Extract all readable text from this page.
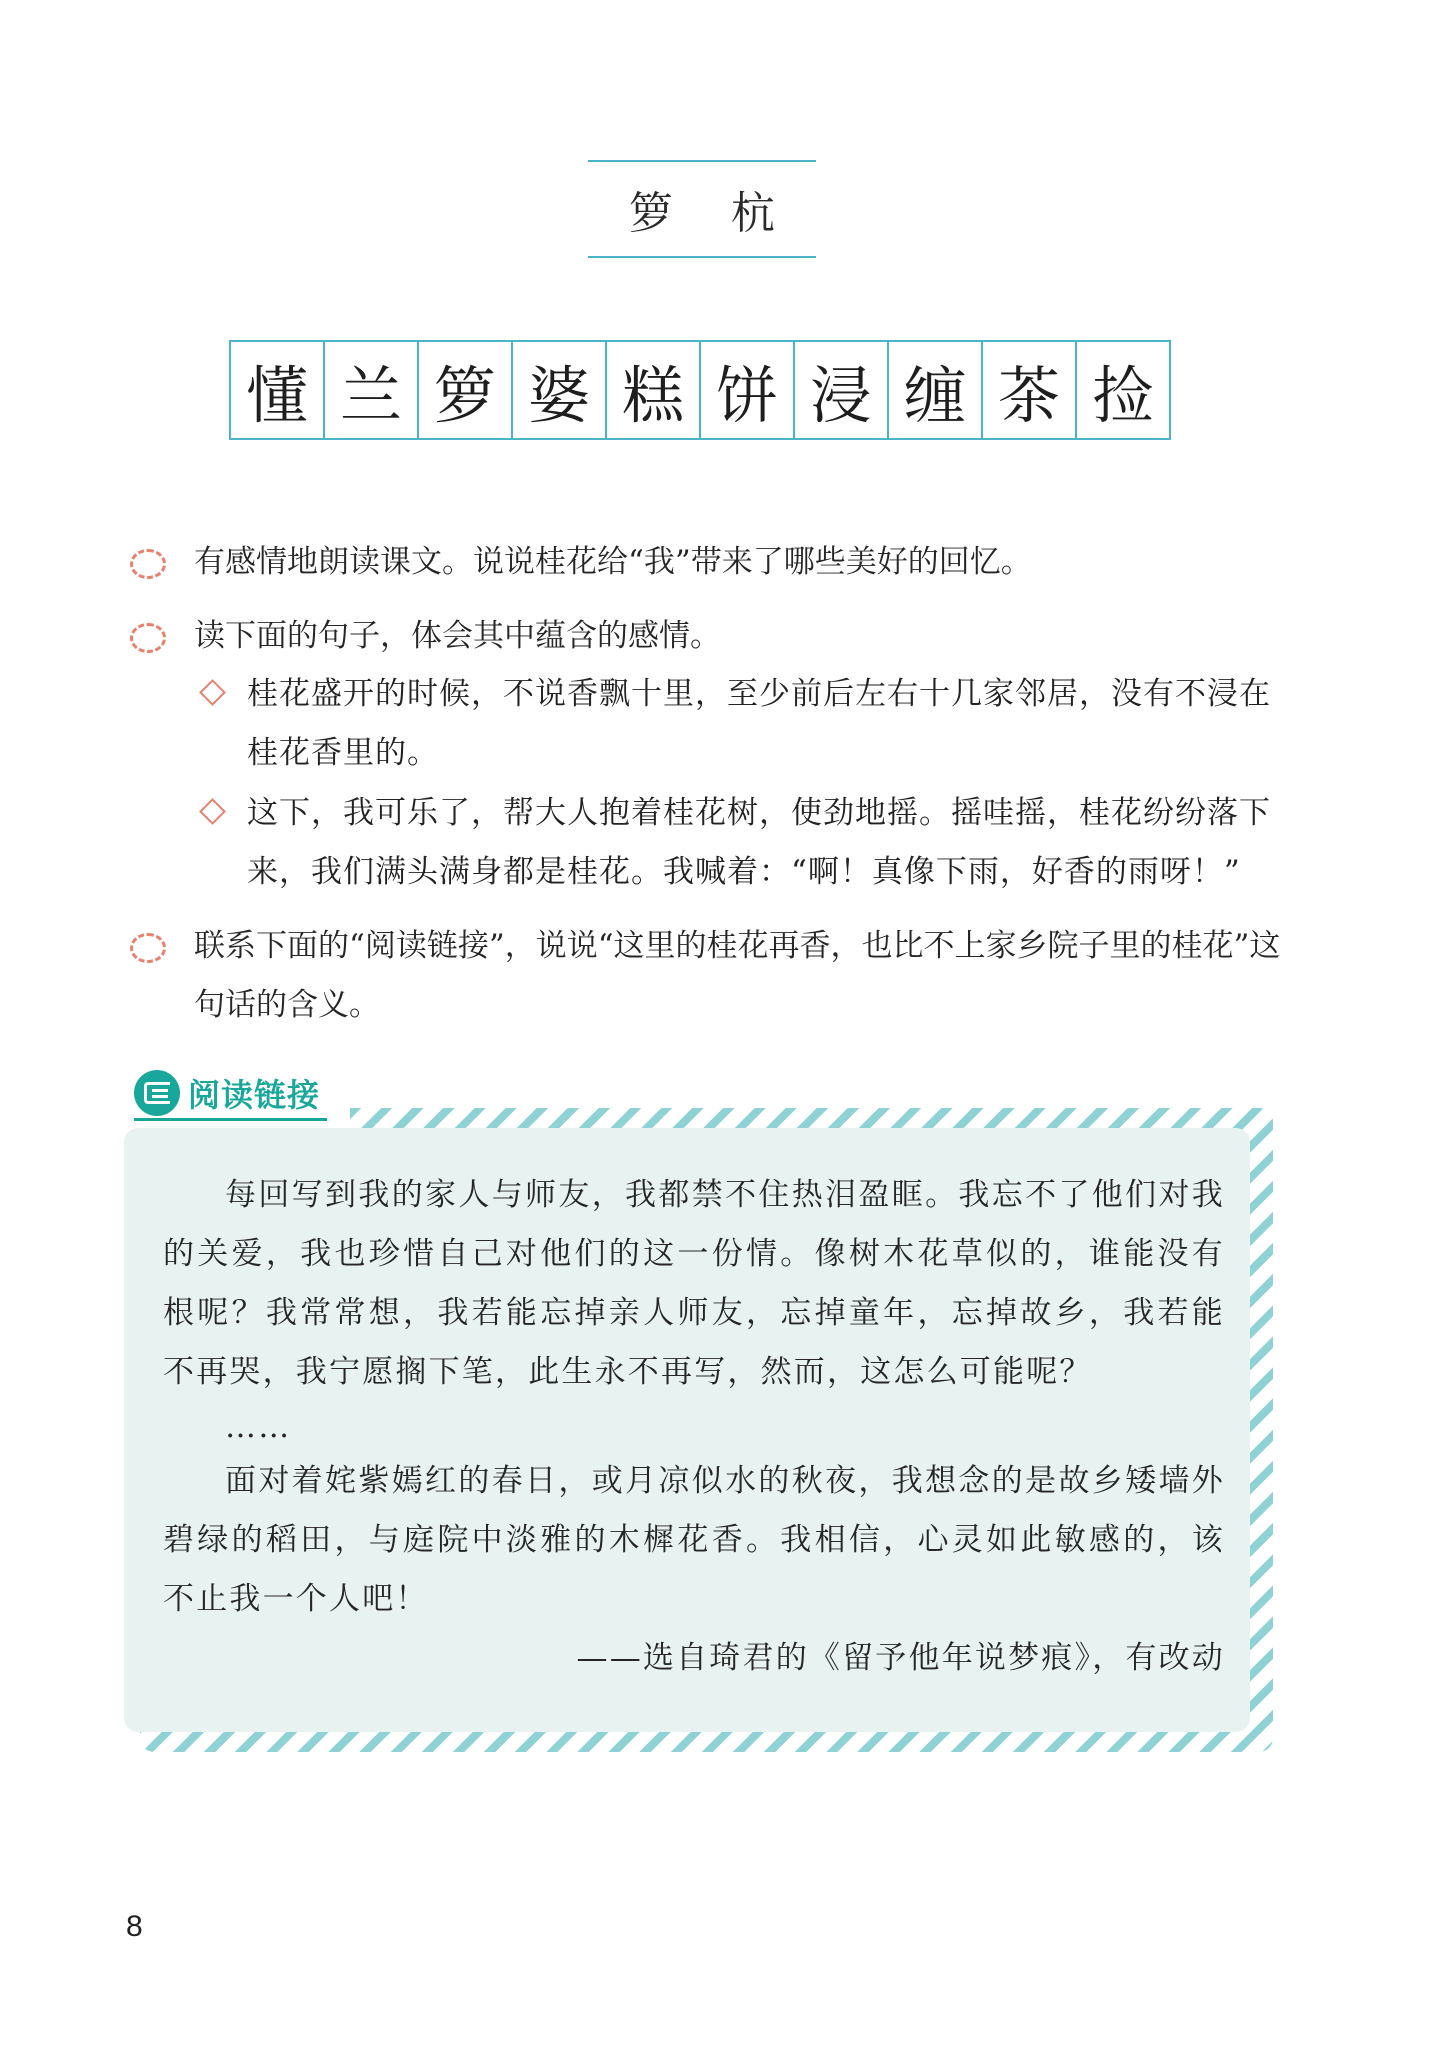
箩 杭
懂 兰 箩 婆 糕 饼 浸 缠 茶 捡
有感情地朗读课文。说说桂花给“我”带来了哪些美好的回忆。
读下面的句子，体会其中蕴含的感情。
桂花盛开的时候，不说香飘十里，至少前后左右十几家邻居，没有不浸在桂花香里的。
这下，我可乐了，帮大人抱着桂花树，使劲地摇。摇哇摇，桂花纷纷落下来，我们满头满身都是桂花。我喊着：“啊！真像下雨，好香的雨呀！”
联系下面的“阅读链接”，说说“这里的桂花再香，也比不上家乡院子里的桂花”这句话的含义。
阅读链接

每回写到我的家人与师友，我都禁不住热泪盈眶。我忘不了他们对我的关爱，我也珍惜自己对他们的这一份情。像树木花草似的，谁能没有根呢？我常常想，我若能忘掉亲人师友，忘掉童年，忘掉故乡，我若能不再哭，我宁愿搁下笔，此生永不再写，然而，这怎么可能呢？

……

面对着姹紫嫣红的春日，或月凉似水的秋夜，我想念的是故乡矮墙外碧绿的稻田，与庭院中淡雅的木樨花香。我相信，心灵如此敏感的，该不止我一个人吧！

——选自琦君的《留予他年说梦痕》，有改动

8
